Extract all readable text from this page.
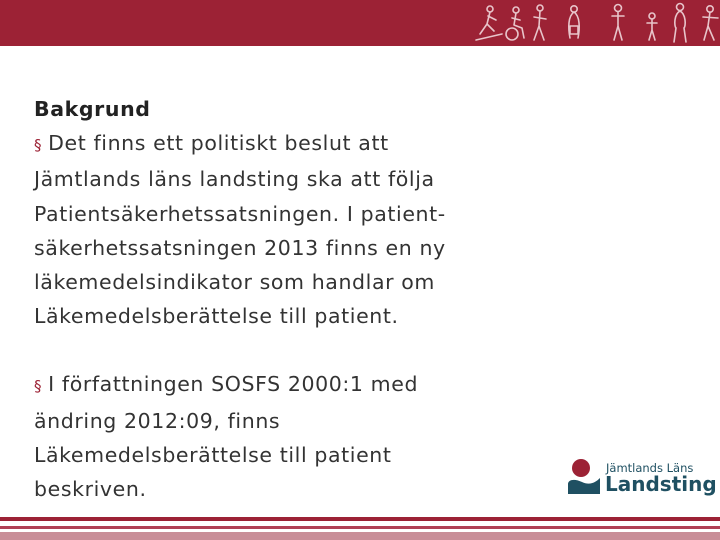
Bakgrund

§ Det finns ett politiskt beslut att

Jämtlands läns landsting ska att följa

Patientsäkerhetssatsningen. I patient-

säkerhetssatsningen 2013 finns en ny

läkemedelsindikator som handlar om

Läkemedelsberättelse till patient.

§ I författningen SOSFS 2000:1 med

ändring 2012:09, finns

Läkemedelsberättelse till patient

beskriven.

Jämtlands Läns
Landsting
